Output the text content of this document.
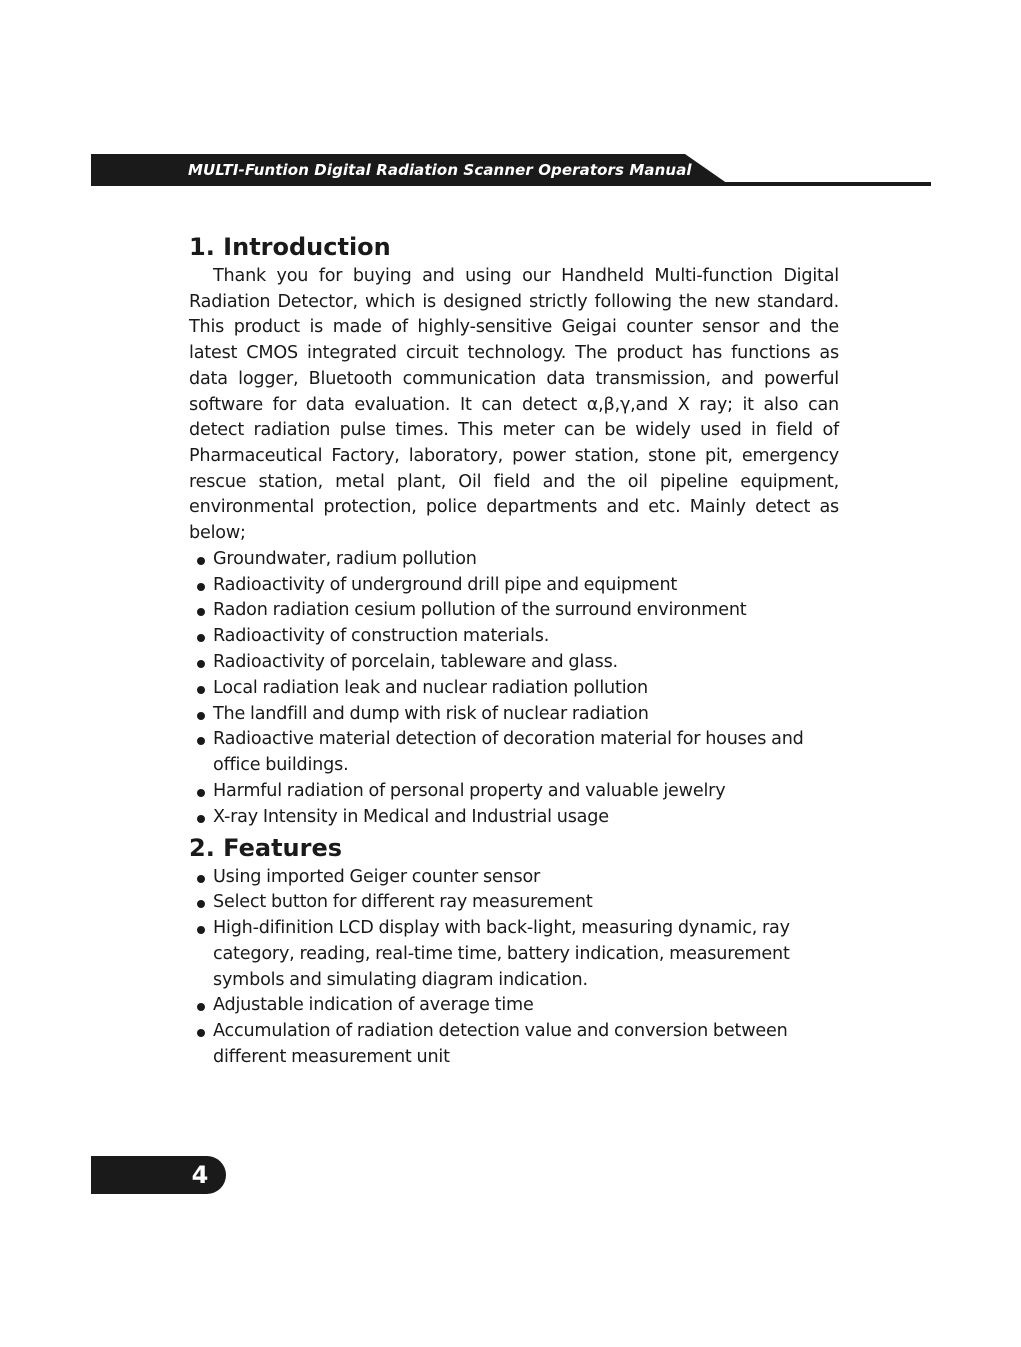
MULTI-Funtion Digital Radiation Scanner Operators Manual
1. Introduction

Thank you for buying and using our Handheld Multi-function Digital Radiation Detector, which is designed strictly following the new standard. This product is made of highly-sensitive Geigai counter sensor and the latest CMOS integrated circuit technology. The product has functions as data logger, Bluetooth communication data transmission, and powerful software for data evaluation. It can detect α,β,γ,and X ray; it also can detect radiation pulse times. This meter can be widely used in field of Pharmaceutical Factory, laboratory, power station, stone pit, emergency rescue station, metal plant, Oil field and the oil pipeline equipment, environmental protection, police departments and etc. Mainly detect as below;

Groundwater, radium pollution
Radioactivity of underground drill pipe and equipment
Radon radiation cesium pollution of the surround environment
Radioactivity of construction materials.
Radioactivity of porcelain, tableware and glass.
Local radiation leak and nuclear radiation pollution
The landfill and dump with risk of nuclear radiation
Radioactive material detection of decoration material for houses and office buildings.
Harmful radiation of personal property and valuable jewelry
X-ray Intensity in Medical and Industrial usage
2. Features
Using imported Geiger counter sensor
Select button for different ray measurement
High-difinition LCD display with back-light, measuring dynamic, ray category, reading, real-time time, battery indication, measurement symbols and simulating diagram indication.
Adjustable indication of average time
Accumulation of radiation detection value and conversion between different measurement unit
4
